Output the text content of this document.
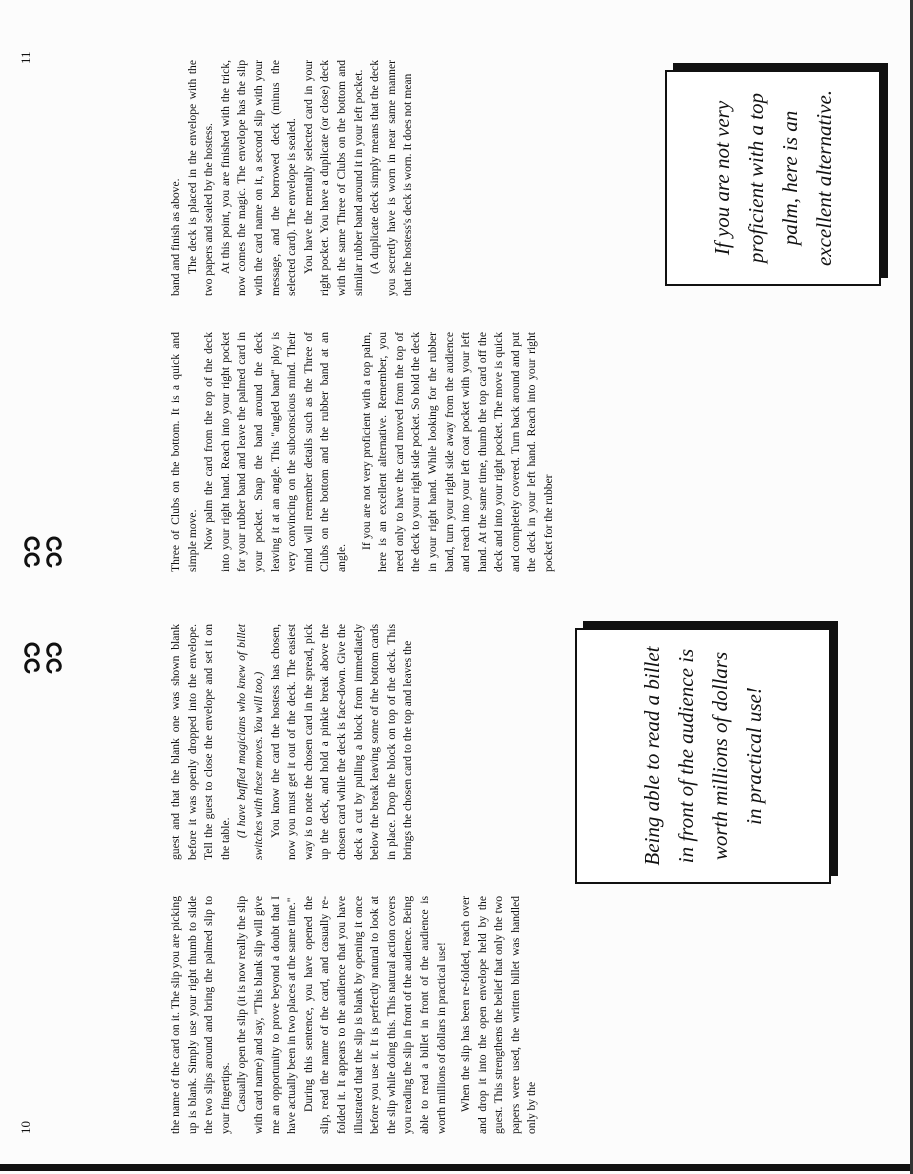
10	the name of the card on it. The slip you are picking up is blank. Simply use your right thumb to slide the two slips around and bring the palmed slip to your fingertips. Casually open the slip (it is now really the slip with card name) and say, "This blank slip will give me an opportunity to prove beyond a doubt that I have actually been in two places at the same time." During this sentence, you have opened the slip, read the name of the card, and casually re-folded it. It appears to the audience that you have illustrated that the slip is blank by opening it once before you use it. It is perfectly natural to look at the slip while doing this. This natural action covers you reading the slip in front of the audience. Being able to read a billet in front of the audience is worth millions of dollars in practical use! When the slip has been re-folded, reach over and drop it into the open envelope held by the guest. This strengthens the belief that only the two papers were used, the written billet was handled only by the

guest and that the blank one was shown blank before it was openly dropped into the envelope. Tell the guest to close the envelope and set it on the table.

(I have baffled magicians who knew of billet switches with these moves. You will too.) You know the card the hostess has chosen, now you must get it out of the deck. The easiest way is to note the chosen card in the spread, pick up the deck, and hold a pinkie break above the chosen card while the deck is face-down. Give the deck a cut by pulling a block from immediately below the break leaving some of the bottom cards in place. Drop the block on top of the deck. This brings the chosen card to the top and leaves the	Being able to read a billet in front of the audience is worth millions of dollars in practical use!
11

Three of Clubs on the bottom. It is a quick and simple move. Now palm the card from the top of the deck into your right hand. Reach into your right pocket for your rubber band and leave the palmed card in your pocket. Snap the band around the deck leaving it at an angle. This "angled band" ploy is very convincing on the subconscious mind. Their mind will remember details such as the Three of Clubs on the bottom and the rubber band at an angle.

If you are not very proficient with a top palm, here is an excellent alternative. Remember, you need only to have the card moved from the top of the deck to your right side pocket. So hold the deck in your right hand. While looking for the rubber band, turn your right side away from the audience and reach into your left coat pocket with your left hand. At the same time, thumb the top card off the deck and into your right pocket. The move is quick and completely covered. Turn back around and put the deck in your left hand. Reach into your right pocket for the rubber

band and finish as above. The deck is placed in the envelope with the two papers and sealed by the hostess. At this point, you are finished with the trick, now comes the magic. The envelope has the slip with the card name on it, a second slip with your message, and the borrowed deck (minus the selected card). The envelope is sealed. You have the mentally selected card in your right pocket. You have a duplicate (or close) deck with the same Three of Clubs on the bottom and similar rubber band around it in your left pocket. (A duplicate deck simply means that the deck you secretly have is worn in near same manner that the hostess's deck is worn. It does not mean	If you are not very proficient with a top palm, here is an excellent alternative.
